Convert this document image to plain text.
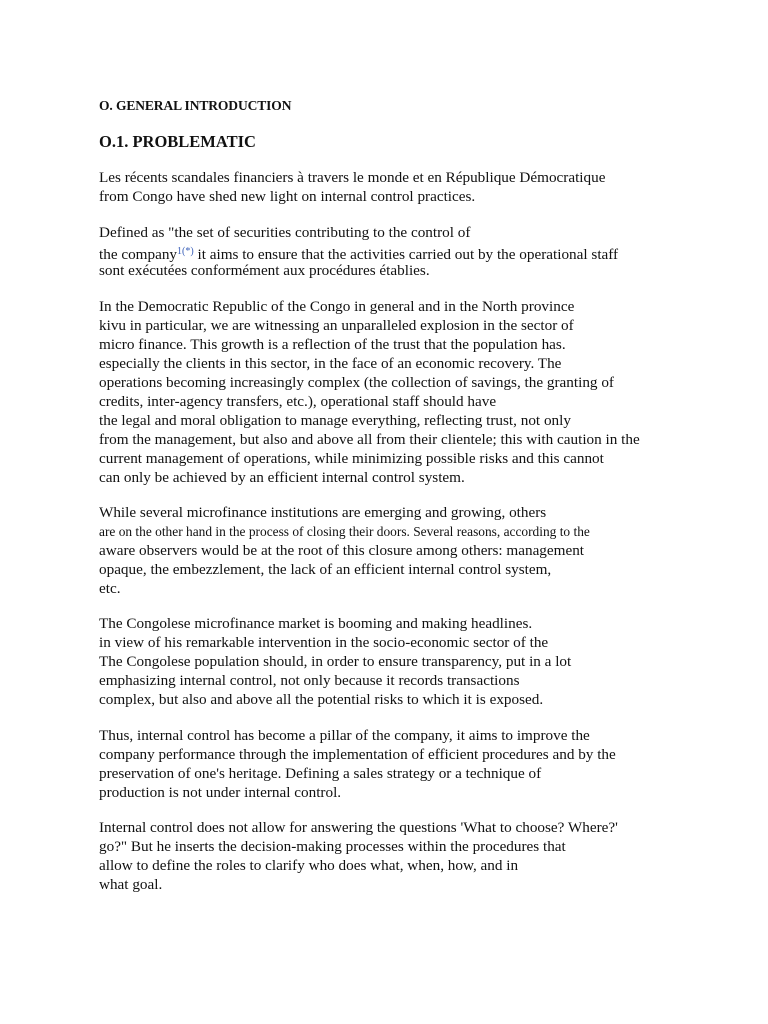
O. GENERAL INTRODUCTION
O.1. PROBLEMATIC
Les récents scandales financiers à travers le monde et en République Démocratique
from Congo have shed new light on internal control practices.
Defined as "the set of securities contributing to the control of
the company$^{1(*)}$ it aims to ensure that the activities carried out by the operational staff
sont exécutées conformément aux procédures établies.
In the Democratic Republic of the Congo in general and in the North province
kivu in particular, we are witnessing an unparalleled explosion in the sector of
micro finance. This growth is a reflection of the trust that the population has.
especially the clients in this sector, in the face of an economic recovery. The
operations becoming increasingly complex (the collection of savings, the granting of
credits, inter-agency transfers, etc.), operational staff should have
the legal and moral obligation to manage everything, reflecting trust, not only
from the management, but also and above all from their clientele; this with caution in the
current management of operations, while minimizing possible risks and this cannot
can only be achieved by an efficient internal control system.
While several microfinance institutions are emerging and growing, others
are on the other hand in the process of closing their doors. Several reasons, according to the
aware observers would be at the root of this closure among others: management
opaque, the embezzlement, the lack of an efficient internal control system,
etc.
The Congolese microfinance market is booming and making headlines.
in view of his remarkable intervention in the socio-economic sector of the
The Congolese population should, in order to ensure transparency, put in a lot
emphasizing internal control, not only because it records transactions
complex, but also and above all the potential risks to which it is exposed.
Thus, internal control has become a pillar of the company, it aims to improve the
company performance through the implementation of efficient procedures and by the
preservation of one's heritage. Defining a sales strategy or a technique of
production is not under internal control.
Internal control does not allow for answering the questions 'What to choose? Where?'
go?" But he inserts the decision-making processes within the procedures that
allow to define the roles to clarify who does what, when, how, and in
what goal.
